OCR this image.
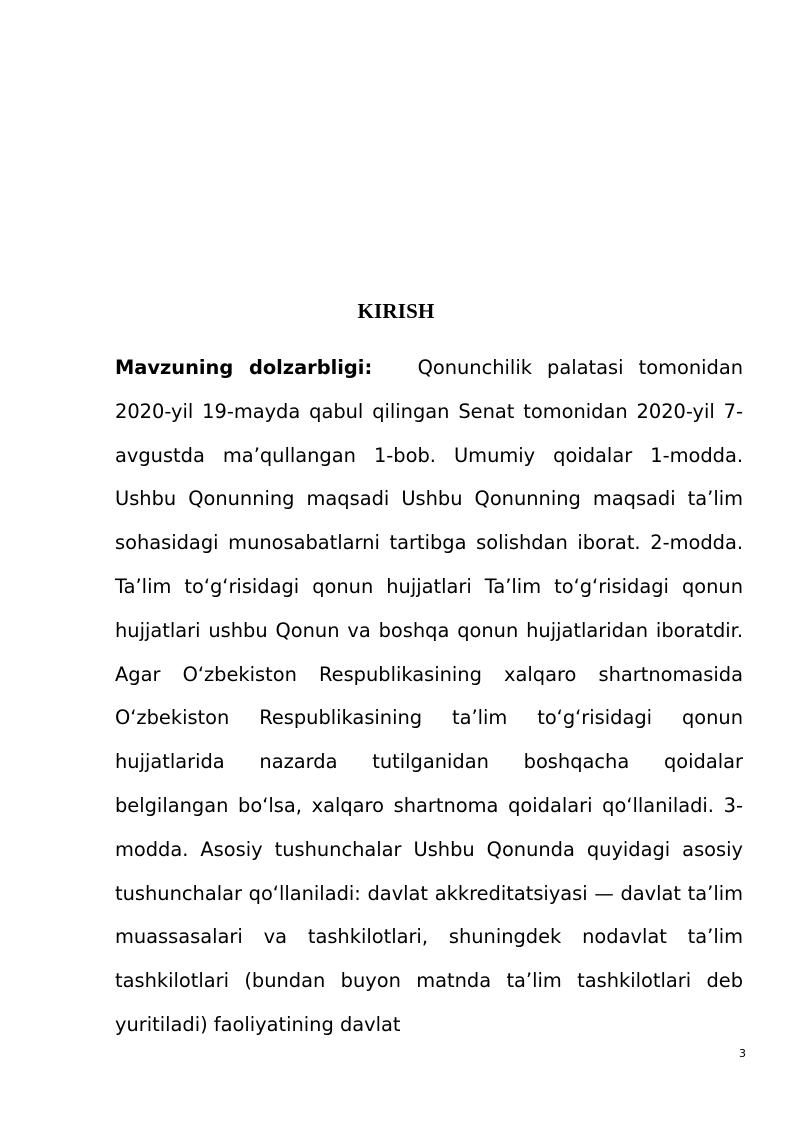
KIRISH

Mavzuning dolzarbligi: Qonunchilik palatasi tomonidan 2020-yil 19-mayda qabul qilingan Senat tomonidan 2020-yil 7-avgustda ma’qullangan 1-bob. Umumiy qoidalar 1-modda. Ushbu Qonunning maqsadi Ushbu Qonunning maqsadi ta’lim sohasidagi munosabatlarni tartibga solishdan iborat. 2-modda. Ta’lim to‘g‘risidagi qonun hujjatlari Ta’lim to‘g‘risidagi qonun hujjatlari ushbu Qonun va boshqa qonun hujjatlaridan iboratdir. Agar O‘zbekiston Respublikasining xalqaro shartnomasida O‘zbekiston Respublikasining ta’lim to‘g‘risidagi qonun hujjatlarida nazarda tutilganidan boshqacha qoidalar belgilangan bo‘lsa, xalqaro shartnoma qoidalari qo‘llaniladi. 3-modda. Asosiy tushunchalar Ushbu Qonunda quyidagi asosiy tushunchalar qo‘llaniladi: davlat akkreditatsiyasi — davlat ta’lim muassasalari va tashkilotlari, shuningdek nodavlat ta’lim tashkilotlari (bundan buyon matnda ta’lim tashkilotlari deb yuritiladi) faoliyatining davlat

3
